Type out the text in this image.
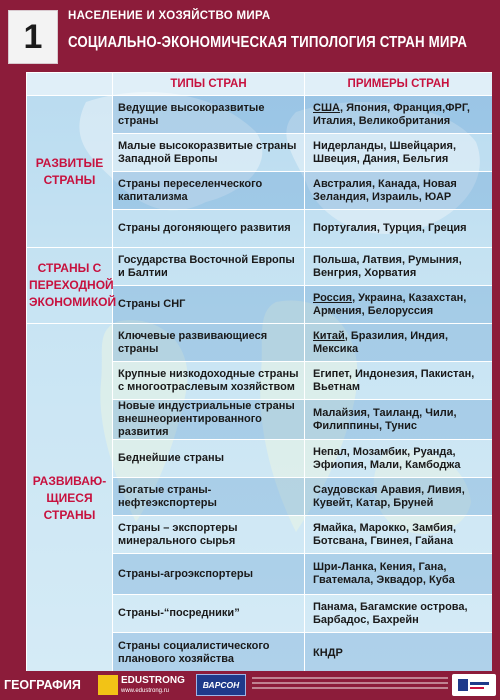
1
НАСЕЛЕНИЕ И ХОЗЯЙСТВО МИРА
СОЦИАЛЬНО-ЭКОНОМИЧЕСКАЯ ТИПОЛОГИЯ СТРАН МИРА
	ТИПЫ СТРАН	ПРИМЕРЫ СТРАН
РАЗВИТЫЕ
СТРАНЫ	Ведущие высокоразвитые страны	США, Япония, Франция,ФРГ, Италия, Великобритания
	Малые высокоразвитые страны Западной Европы	Нидерланды, Швейцария, Швеция, Дания, Бельгия
	Страны переселенческого капитализма	Австралия, Канада, Новая Зеландия, Израиль, ЮАР
	Страны догоняющего развития	Португалия, Турция, Греция
СТРАНЫ С
ПЕРЕХОДНОЙ
ЭКОНОМИКОЙ	Государства Восточной Европы и Балтии	Польша, Латвия, Румыния, Венгрия, Хорватия
	Страны СНГ	Россия, Украина, Казахстан, Армения, Белоруссия
РАЗВИВАЮ-
ЩИЕСЯ
СТРАНЫ	Ключевые развивающиеся страны	Китай, Бразилия, Индия, Мексика
	Крупные низкодоходные страны с многоотраслевым хозяйством	Египет, Индонезия, Пакистан, Вьетнам
	Новые индустриальные страны внешнеориентированного развития	Малайзия, Таиланд, Чили, Филиппины, Тунис
	Беднейшие страны	Непал, Мозамбик, Руанда, Эфиопия, Мали, Камбоджа
	Богатые страны-нефтеэкспортеры	Саудовская Аравия, Ливия, Кувейт, Катар, Бруней
	Страны – экспортеры минерального сырья	Ямайка, Марокко, Замбия, Ботсвана, Гвинея, Гайана
	Страны-агроэкспортеры	Шри-Ланка, Кения, Гана, Гватемала, Эквадор, Куба
	Страны-“посредники”	Панама, Багамские острова, Барбадос, Бахрейн
	Страны социалистического планового хозяйства	КНДР
ГЕОГРАФИЯ	EDUSTRONG
www.edustrong.ru
ВАРСОН
